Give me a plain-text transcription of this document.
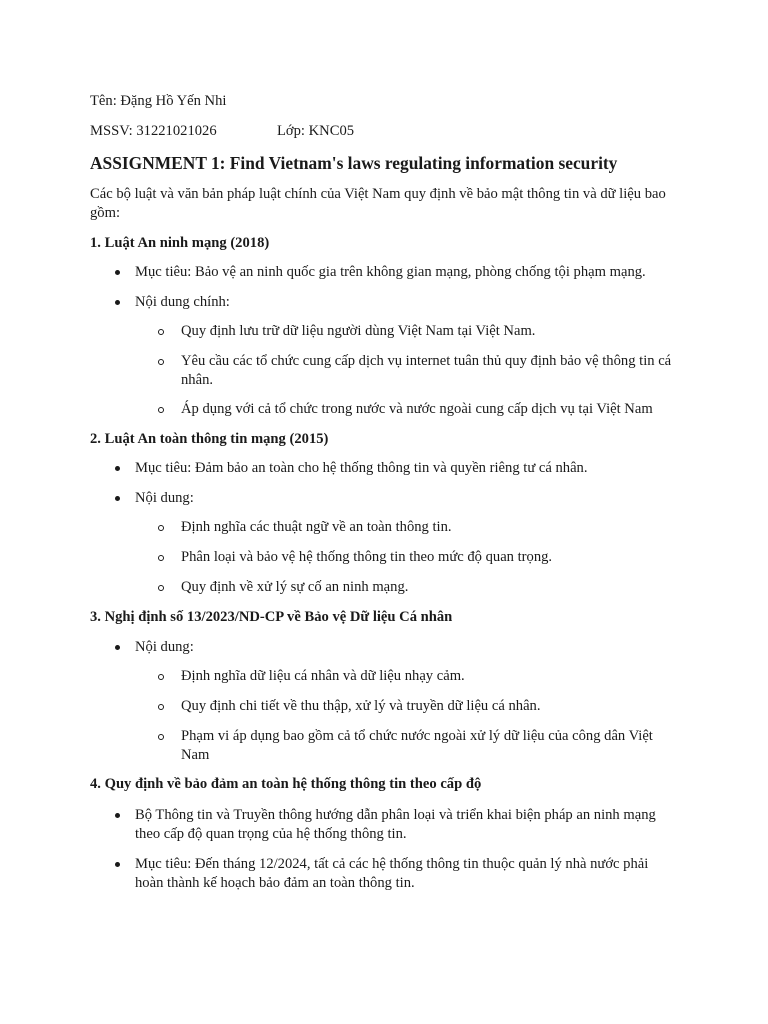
Tên: Đặng Hồ Yến Nhi
MSSV: 31221021026	Lớp: KNC05
ASSIGNMENT 1: Find Vietnam's laws regulating information security
Các bộ luật và văn bản pháp luật chính của Việt Nam quy định về bảo mật thông tin và dữ liệu bao gồm:
1. Luật An ninh mạng (2018)
Mục tiêu: Bảo vệ an ninh quốc gia trên không gian mạng, phòng chống tội phạm mạng.
Nội dung chính:
Quy định lưu trữ dữ liệu người dùng Việt Nam tại Việt Nam.
Yêu cầu các tổ chức cung cấp dịch vụ internet tuân thủ quy định bảo vệ thông tin cá nhân.
Áp dụng với cả tổ chức trong nước và nước ngoài cung cấp dịch vụ tại Việt Nam
2. Luật An toàn thông tin mạng (2015)
Mục tiêu: Đảm bảo an toàn cho hệ thống thông tin và quyền riêng tư cá nhân.
Nội dung:
Định nghĩa các thuật ngữ về an toàn thông tin.
Phân loại và bảo vệ hệ thống thông tin theo mức độ quan trọng.
Quy định về xử lý sự cố an ninh mạng.
3. Nghị định số 13/2023/ND-CP về Bảo vệ Dữ liệu Cá nhân
Nội dung:
Định nghĩa dữ liệu cá nhân và dữ liệu nhạy cảm.
Quy định chi tiết về thu thập, xử lý và truyền dữ liệu cá nhân.
Phạm vi áp dụng bao gồm cả tổ chức nước ngoài xử lý dữ liệu của công dân Việt Nam
4. Quy định về bảo đảm an toàn hệ thống thông tin theo cấp độ
Bộ Thông tin và Truyền thông hướng dẫn phân loại và triển khai biện pháp an ninh mạng theo cấp độ quan trọng của hệ thống thông tin.
Mục tiêu: Đến tháng 12/2024, tất cả các hệ thống thông tin thuộc quản lý nhà nước phải hoàn thành kế hoạch bảo đảm an toàn thông tin.
